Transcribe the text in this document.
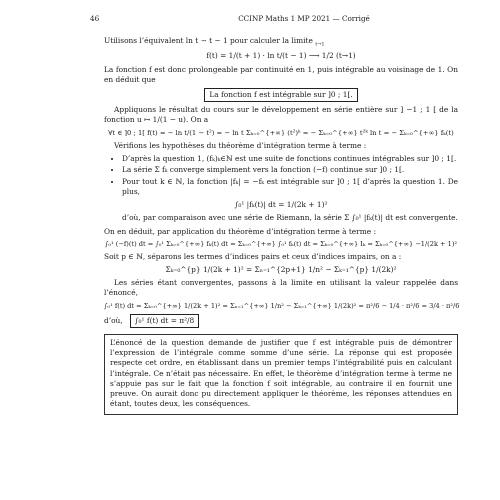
46	CCINP Maths 1 MP 2021 — Corrigé

Utilisons l’équivalent ln t ∼ t − 1 pour calculer la limite $_{t\to 1}$

f(t) = 1/(t + 1) · ln t/(t − 1) ⟶ 1/2 (t→1)

La fonction f est donc prolongeable par continuité en 1, puis intégrable au voisinage de 1. On en déduit que

La fonction f est intégrable sur ]0 ; 1[.

Appliquons le résultat du cours sur le développement en série entière sur ] −1 ; 1 [ de la fonction u ↦ 1/(1 − u). On a

∀t ∈ ]0 ; 1[ f(t) = − ln t/(1 − t²) = − ln t Σₖ₌₀^{+∞} (t²)ᵏ = − Σₖ₌₀^{+∞} t²ᵏ ln t = − Σₖ₌₀^{+∞} fₖ(t)

Vérifions les hypothèses du théorème d’intégration terme à terme :

• D’après la question 1, (fₖ)ₖ∈ℕ est une suite de fonctions continues intégrables sur ]0 ; 1[.
• La série Σ fₖ converge simplement vers la fonction (−f) continue sur ]0 ; 1[.
• Pour tout k ∈ ℕ, la fonction |fₖ| = −fₖ est intégrable sur ]0 ; 1[ d’après la question 1. De plus,

∫₀¹ |fₖ(t)| dt = 1/(2k + 1)²

d’où, par comparaison avec une série de Riemann, la série Σ ∫₀¹ |fₖ(t)| dt est convergente.

On en déduit, par application du théorème d’intégration terme à terme :

∫₀¹ (−f)(t) dt = ∫₀¹ Σₖ₌₀^{+∞} fₖ(t) dt = Σₖ₌₀^{+∞} ∫₀¹ fₖ(t) dt = Σₖ₌₀^{+∞} Iₖ = Σₖ₌₀^{+∞} −1/(2k + 1)²

Soit p ∈ ℕ, séparons les termes d’indices pairs et ceux d’indices impairs, on a :

Σₖ₌₀^{p} 1/(2k + 1)² = Σₙ₌₁^{2p+1} 1/n² − Σₖ₌₁^{p} 1/(2k)²

Les séries étant convergentes, passons à la limite en utilisant la valeur rappelée dans l’énoncé,

∫₀¹ f(t) dt = Σₖ₌₀^{+∞} 1/(2k + 1)² = Σₙ₌₁^{+∞} 1/n² − Σₖ₌₁^{+∞} 1/(2k)² = π²/6 − 1/4 · π²/6 = 3/4 · π²/6

d’où, ∫₀¹ f(t) dt = π²/8

L’énoncé de la question demande de justifier que f est intégrable puis de démontrer l’expression de l’intégrale comme somme d’une série. La réponse qui est proposée respecte cet ordre, en établissant dans un premier temps l’intégrabilité puis en calculant l’intégrale. Ce n’était pas nécessaire. En effet, le théorème d’intégration terme à terme ne s’appuie pas sur le fait que la fonction f soit intégrable, au contraire il en fournit une preuve. On aurait donc pu directement appliquer le théorème, les réponses attendues en étant, toutes deux, les conséquences.
